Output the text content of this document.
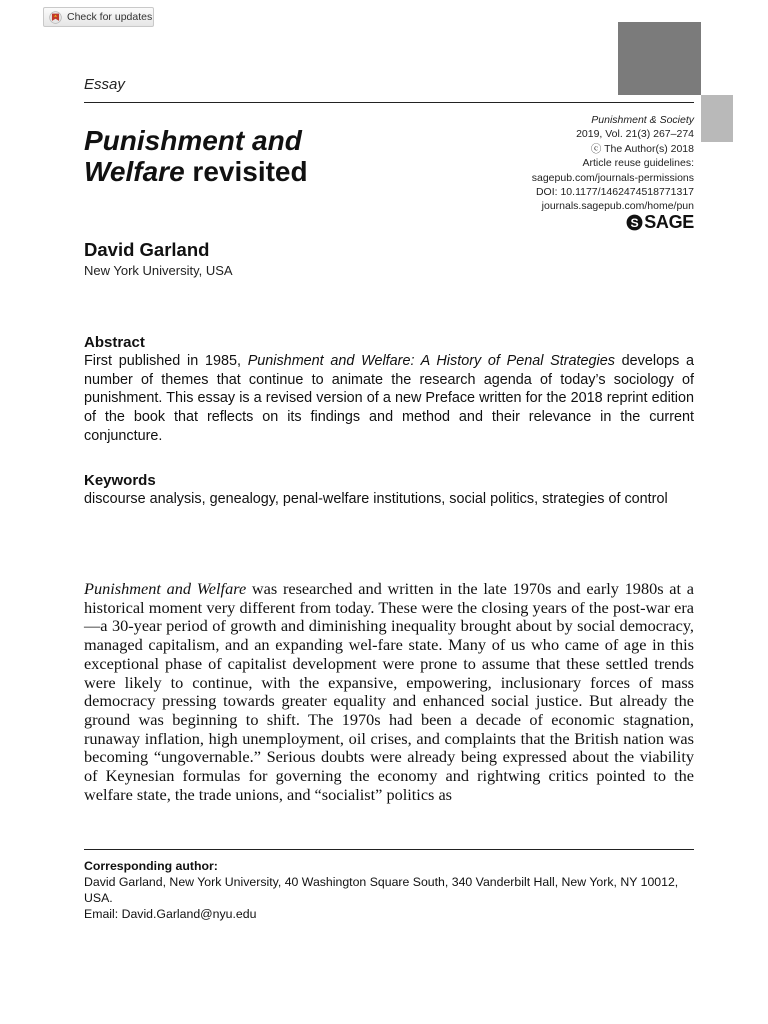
Check for updates
Essay
Punishment and
Welfare revisited
Punishment & Society
2019, Vol. 21(3) 267–274
ⓒ The Author(s) 2018
Article reuse guidelines:
sagepub.com/journals-permissions
DOI: 10.1177/1462474518771317
journals.sagepub.com/home/pun
S SAGE
David Garland
New York University, USA
Abstract

First published in 1985, Punishment and Welfare: A History of Penal Strategies develops a number of themes that continue to animate the research agenda of today’s sociology of punishment. This essay is a revised version of a new Preface written for the 2018 reprint edition of the book that reflects on its findings and method and their relevance in the current conjuncture.

Keywords

discourse analysis, genealogy, penal-welfare institutions, social politics, strategies of control

Punishment and Welfare was researched and written in the late 1970s and early 1980s at a historical moment very different from today. These were the closing years of the post-war era—a 30-year period of growth and diminishing inequality brought about by social democracy, managed capitalism, and an expanding wel-fare state. Many of us who came of age in this exceptional phase of capitalist development were prone to assume that these settled trends were likely to continue, with the expansive, empowering, inclusionary forces of mass democracy pressing towards greater equality and enhanced social justice. But already the ground was beginning to shift. The 1970s had been a decade of economic stagnation, runaway inflation, high unemployment, oil crises, and complaints that the British nation was becoming “ungovernable.” Serious doubts were already being expressed about the viability of Keynesian formulas for governing the economy and rightwing critics pointed to the welfare state, the trade unions, and “socialist” politics as

Corresponding author:
David Garland, New York University, 40 Washington Square South, 340 Vanderbilt Hall, New York, NY 10012, USA.
Email: David.Garland@nyu.edu
